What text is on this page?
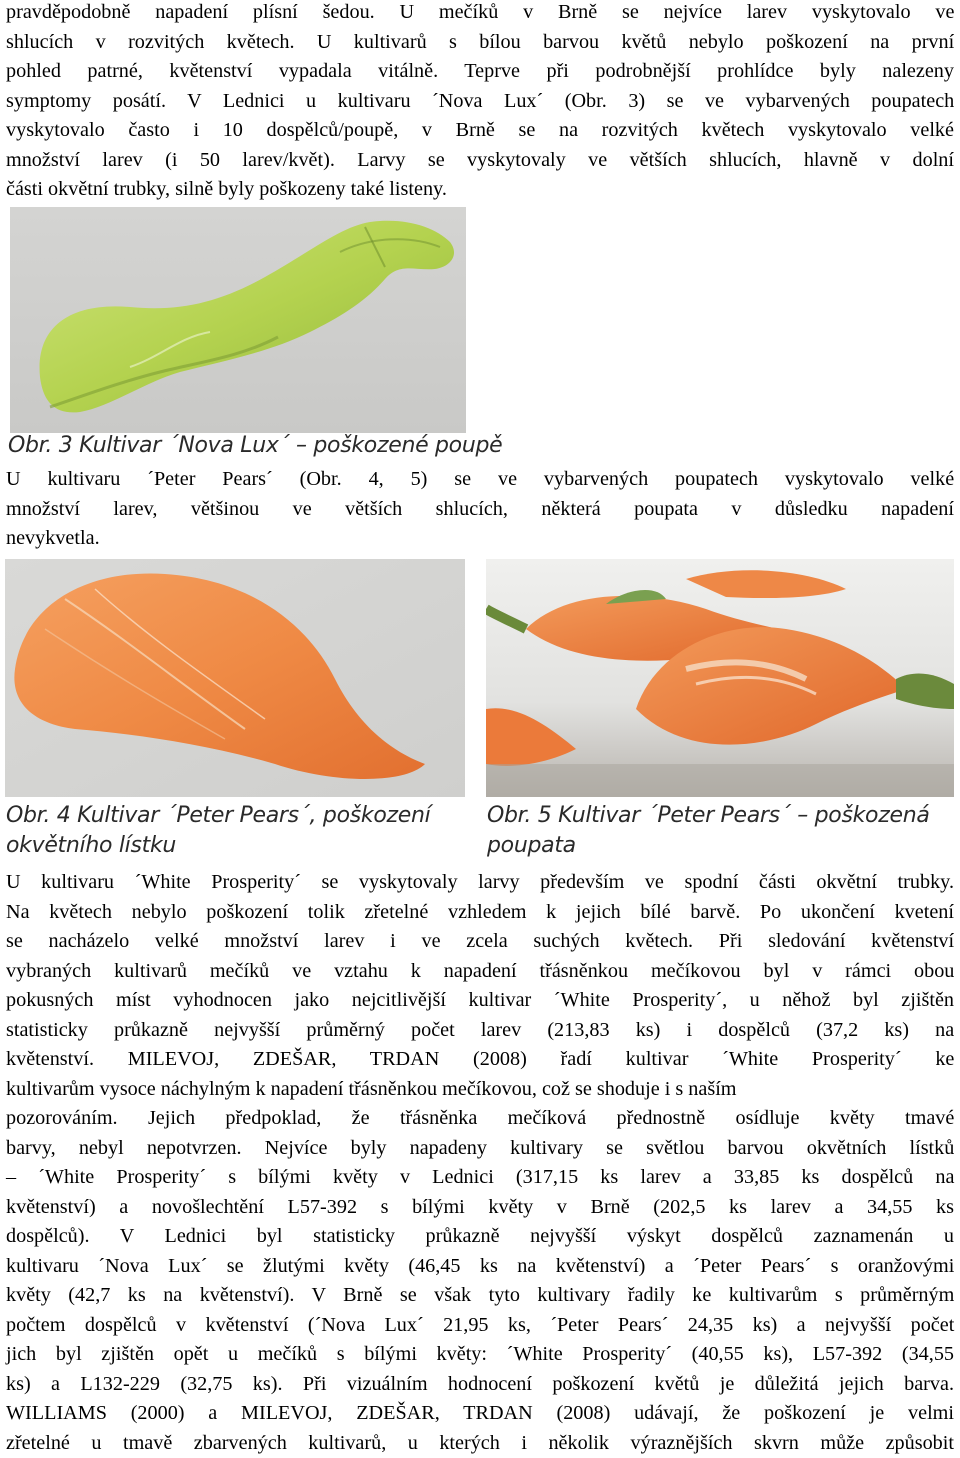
pravděpodobně napadení plísní šedou. U mečíků v Brně se nejvíce larev vyskytovalo ve
shlucích v rozvitých květech. U kultivarů s bílou barvou květů nebylo poškození na první
pohled patrné, květenství vypadala vitálně. Teprve při podrobnější prohlídce byly nalezeny
symptomy posátí. V Lednici u kultivaru ´Nova Lux´ (Obr. 3) se ve vybarvených poupatech
vyskytovalo často i 10 dospělců/poupě, v Brně se na rozvitých květech vyskytovalo velké
množství larev (i 50 larev/květ). Larvy se vyskytovaly ve větších shlucích, hlavně v dolní
části okvětní trubky, silně byly poškozeny také listeny.
Obr. 3 Kultivar ´Nova Lux´ – poškozené poupě
U kultivaru ´Peter Pears´ (Obr. 4, 5) se ve vybarvených poupatech vyskytovalo velké
množství larev, většinou ve větších shlucích, některá poupata v důsledku napadení
nevykvetla.
Obr. 4 Kultivar ´Peter Pears´, poškození
okvětního lístku
Obr. 5 Kultivar ´Peter Pears´ – poškozená
poupata
U kultivaru ´White Prosperity´ se vyskytovaly larvy především ve spodní části okvětní trubky.
Na květech nebylo poškození tolik zřetelné vzhledem k jejich bílé barvě. Po ukončení kvetení
se nacházelo velké množství larev i ve zcela suchých květech. Při sledování květenství
vybraných kultivarů mečíků ve vztahu k napadení třásněnkou mečíkovou byl v rámci obou
pokusných míst vyhodnocen jako nejcitlivější kultivar ´White Prosperity´, u něhož byl zjištěn
statisticky průkazně nejvyšší průměrný počet larev (213,83 ks) i dospělců (37,2 ks) na
květenství. MILEVOJ, ZDEŠAR, TRDAN (2008) řadí kultivar ´White Prosperity´ ke
kultivarům vysoce náchylným k napadení třásněnkou mečíkovou, což se shoduje i s naším
pozorováním. Jejich předpoklad, že třásněnka mečíková přednostně osídluje květy tmavé
barvy, nebyl nepotvrzen. Nejvíce byly napadeny kultivary se světlou barvou okvětních lístků
– ´White Prosperity´ s bílými květy v Lednici (317,15 ks larev a 33,85 ks dospělců na
květenství) a novošlechtění L57-392 s bílými květy v Brně (202,5 ks larev a 34,55 ks
dospělců). V Lednici byl statisticky průkazně nejvyšší výskyt dospělců zaznamenán u
kultivaru ´Nova Lux´ se žlutými květy (46,45 ks na květenství) a ´Peter Pears´ s oranžovými
květy (42,7 ks na květenství). V Brně se však tyto kultivary řadily ke kultivarům s průměrným
počtem dospělců v květenství (´Nova Lux´ 21,95 ks, ´Peter Pears´ 24,35 ks) a nejvyšší počet
jich byl zjištěn opět u mečíků s bílými květy: ´White Prosperity´ (40,55 ks), L57-392 (34,55
ks) a L132-229 (32,75 ks). Při vizuálním hodnocení poškození květů je důležitá jejich barva.
WILLIAMS (2000) a MILEVOJ, ZDEŠAR, TRDAN (2008) udávají, že poškození je velmi
zřetelné u tmavě zbarvených kultivarů, u kterých i několik výraznějších skvrn může způsobit
